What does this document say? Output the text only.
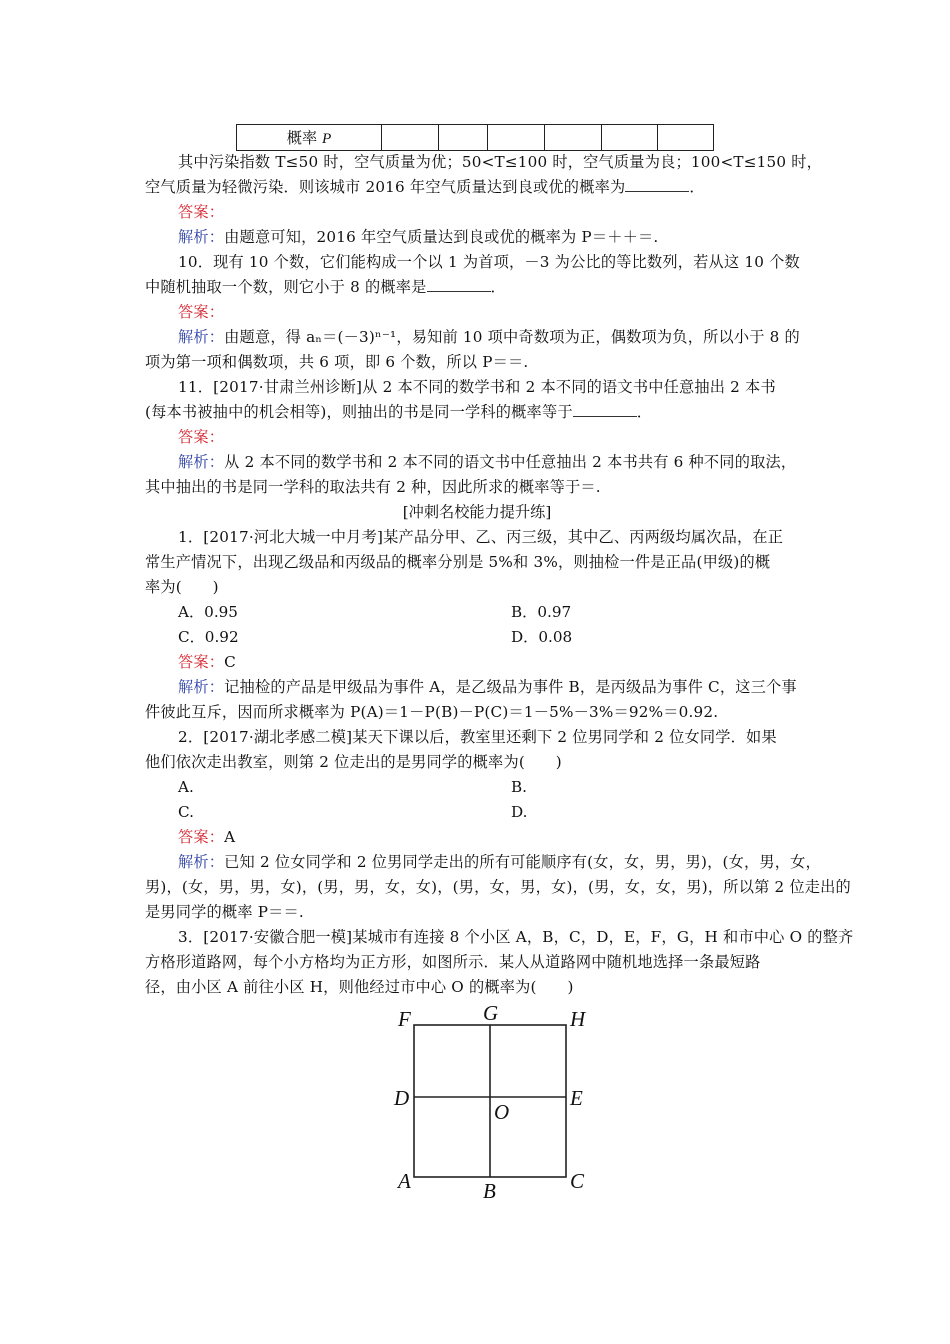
概率 P						
其中污染指数 T≤50 时，空气质量为优；50<T≤100 时，空气质量为良；100<T≤150 时，
空气质量为轻微污染．则该城市 2016 年空气质量达到良或优的概率为	．
答案：
解析：由题意可知，2016 年空气质量达到良或优的概率为 P＝＋＋＝.
10．现有 10 个数，它们能构成一个以 1 为首项，－3 为公比的等比数列，若从这 10 个数
中随机抽取一个数，则它小于 8 的概率是	．
答案：
解析：由题意，得 aₙ＝(－3)ⁿ⁻¹，易知前 10 项中奇数项为正，偶数项为负，所以小于 8 的
项为第一项和偶数项，共 6 项，即 6 个数，所以 P＝＝.
11．[2017·甘肃兰州诊断]从 2 本不同的数学书和 2 本不同的语文书中任意抽出 2 本书
(每本书被抽中的机会相等)，则抽出的书是同一学科的概率等于	．
答案：
解析：从 2 本不同的数学书和 2 本不同的语文书中任意抽出 2 本书共有 6 种不同的取法，
其中抽出的书是同一学科的取法共有 2 种，因此所求的概率等于＝.
[冲刺名校能力提升练]
1．[2017·河北大城一中月考]某产品分甲、乙、丙三级，其中乙、丙两级均属次品，在正
常生产情况下，出现乙级品和丙级品的概率分别是 5%和 3%，则抽检一件是正品(甲级)的概
率为(　　)
A．0.95	B．0.97
C．0.92	D．0.08
答案：C
解析：记抽检的产品是甲级品为事件 A，是乙级品为事件 B，是丙级品为事件 C，这三个事
件彼此互斥，因而所求概率为 P(A)＝1－P(B)－P(C)＝1－5%－3%＝92%＝0.92.
2．[2017·湖北孝感二模]某天下课以后，教室里还剩下 2 位男同学和 2 位女同学．如果
他们依次走出教室，则第 2 位走出的是男同学的概率为(　　)
A.	B.
C.	D.
答案：A
解析：已知 2 位女同学和 2 位男同学走出的所有可能顺序有(女，女，男，男)，(女，男，女，
男)，(女，男，男，女)，(男，男，女，女)，(男，女，男，女)，(男，女，女，男)，所以第 2 位走出的
是男同学的概率 P＝＝.
3．[2017·安徽合肥一模]某城市有连接 8 个小区 A，B，C，D，E，F，G，H 和市中心 O 的整齐
方格形道路网，每个小方格均为正方形，如图所示．某人从道路网中随机地选择一条最短路
径，由小区 A 前往小区 H，则他经过市中心 O 的概率为(　　)
F	G	H
D
O
E
A	B	C
